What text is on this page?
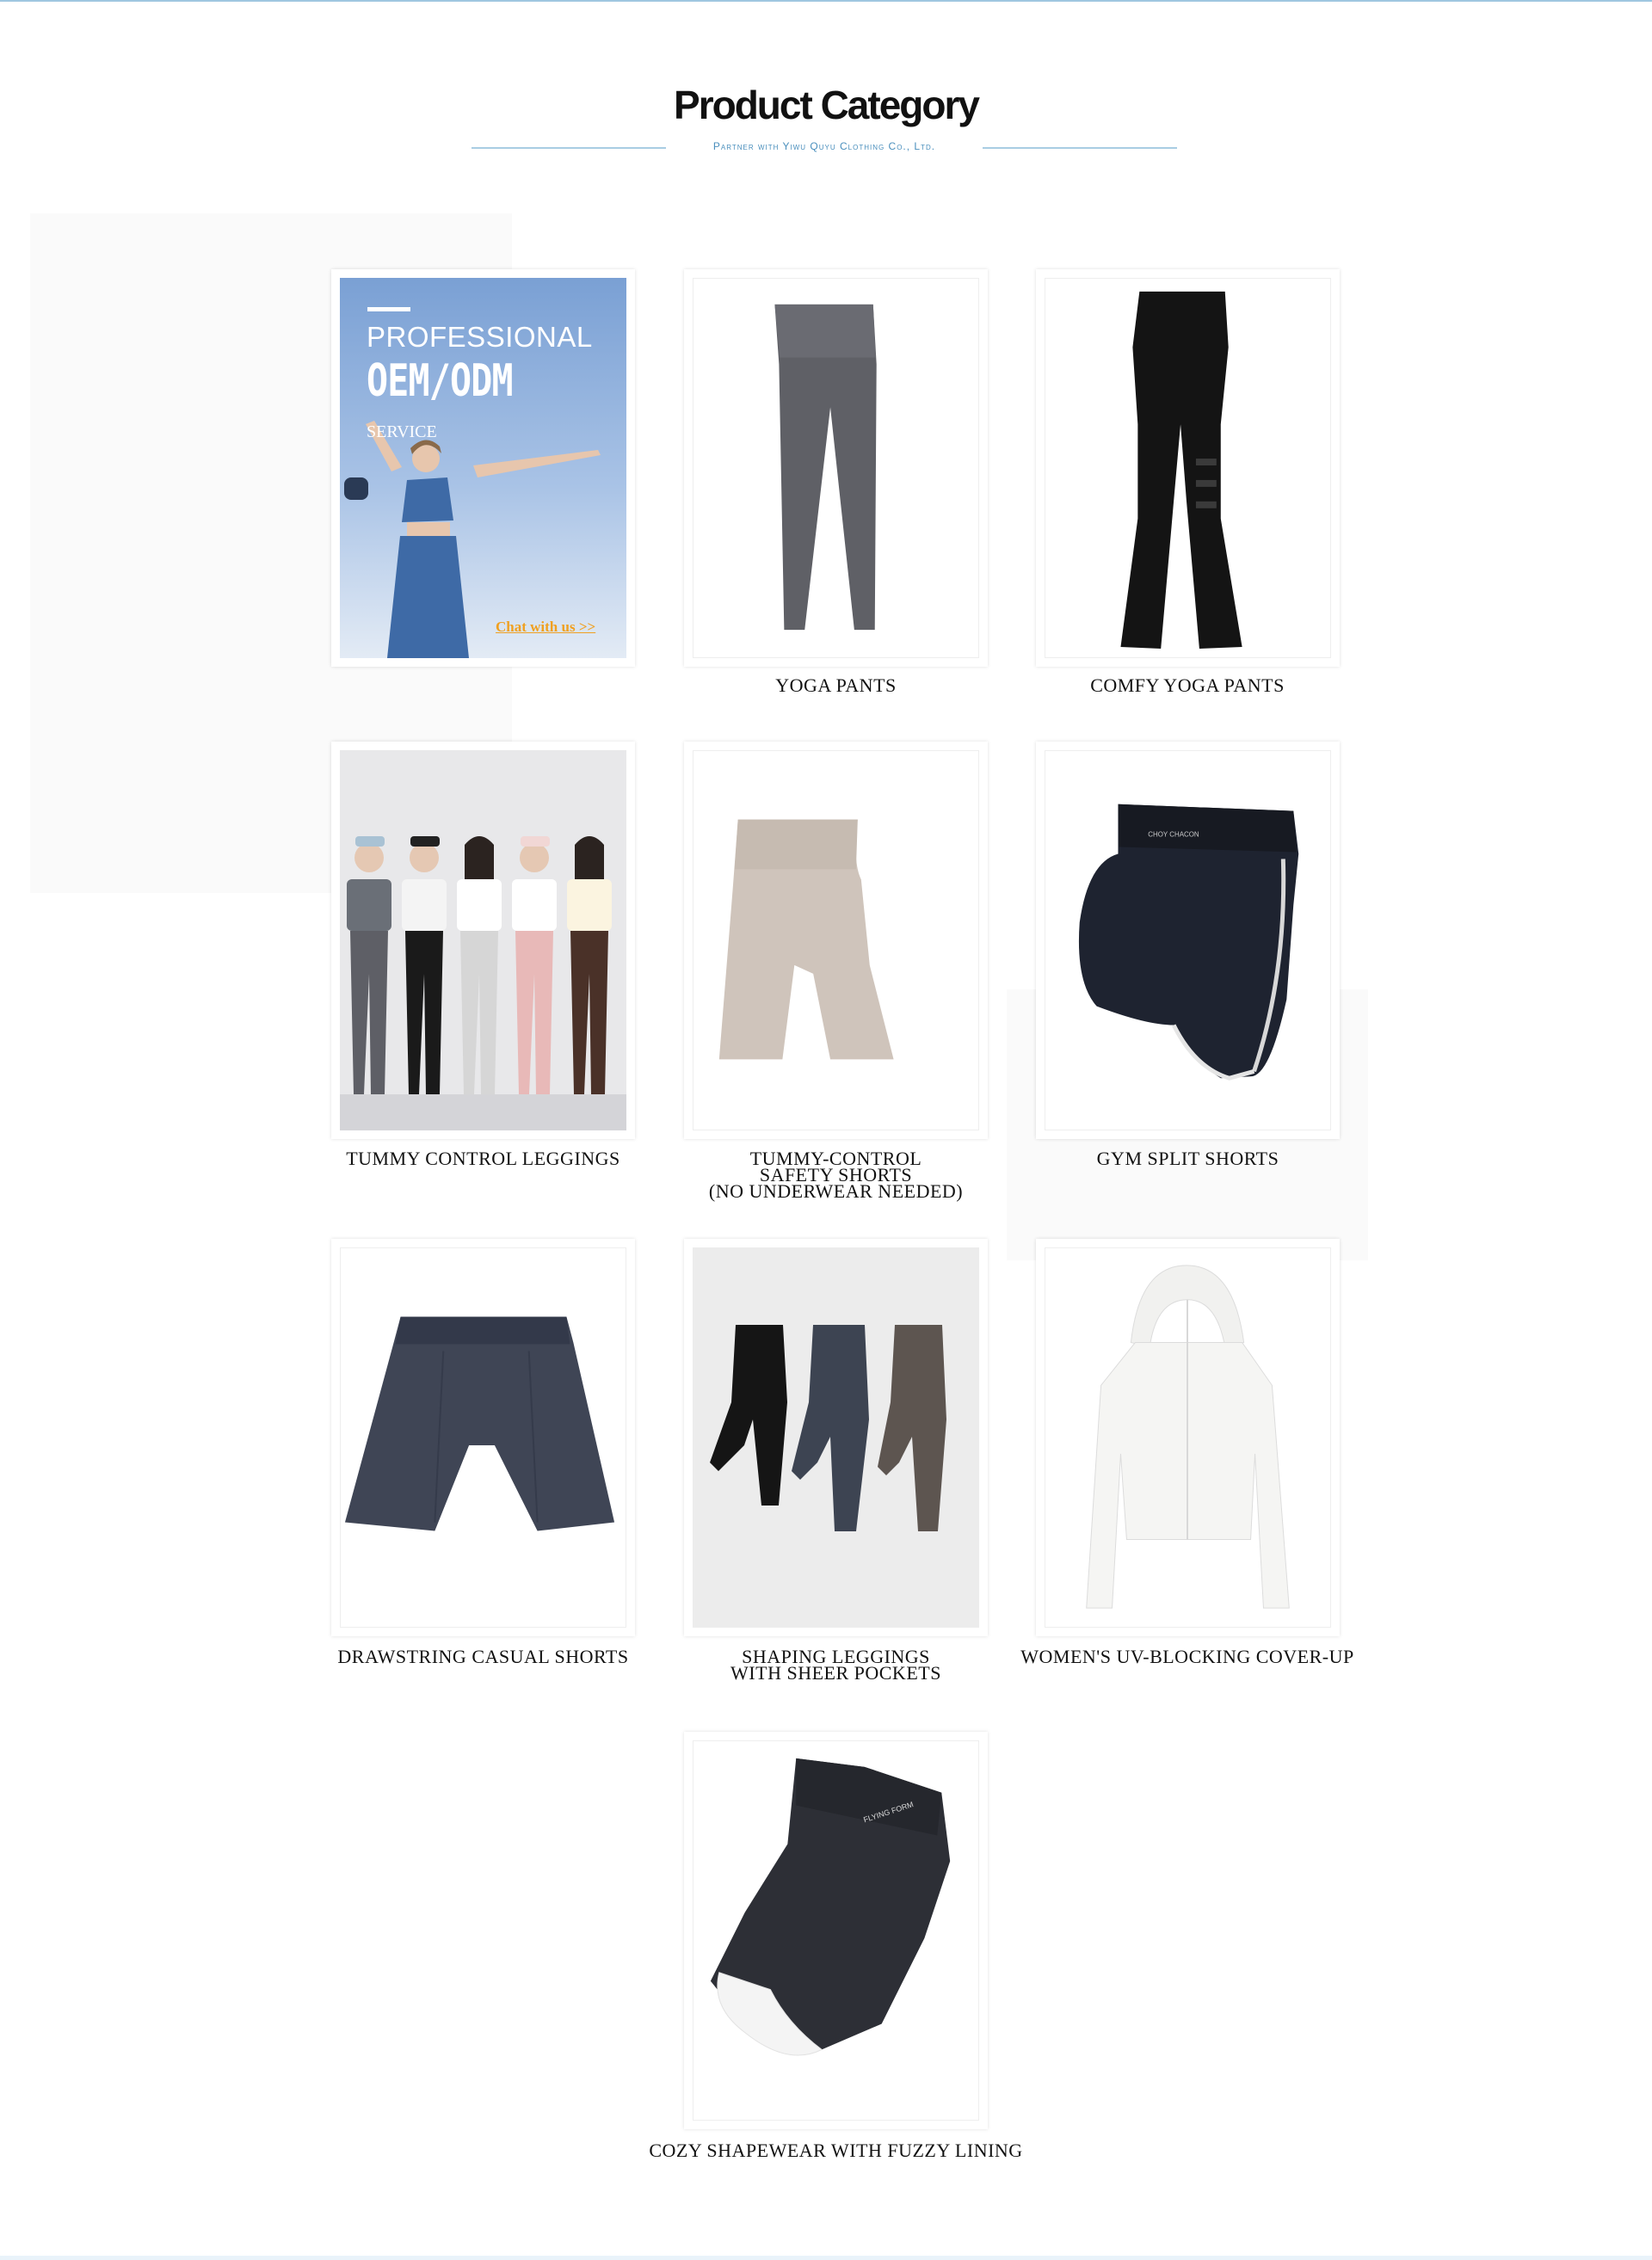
Product Category
Partner with Yiwu Quyu Clothing Co., Ltd.
PROFESSIONAL
OEM/ODM
SERVICE
Chat with us >>
YOGA PANTS	COMFY YOGA PANTS
TUMMY CONTROL LEGGINGS	TUMMY-CONTROL
SAFETY SHORTS
(NO UNDERWEAR NEEDED)
CHOY CHACON
GYM SPLIT SHORTS
DRAWSTRING CASUAL SHORTS	SHAPING LEGGINGS
WITH SHEER POCKETS
WOMEN'S UV-BLOCKING COVER-UP
FLYING FORM
COZY SHAPEWEAR WITH FUZZY LINING
